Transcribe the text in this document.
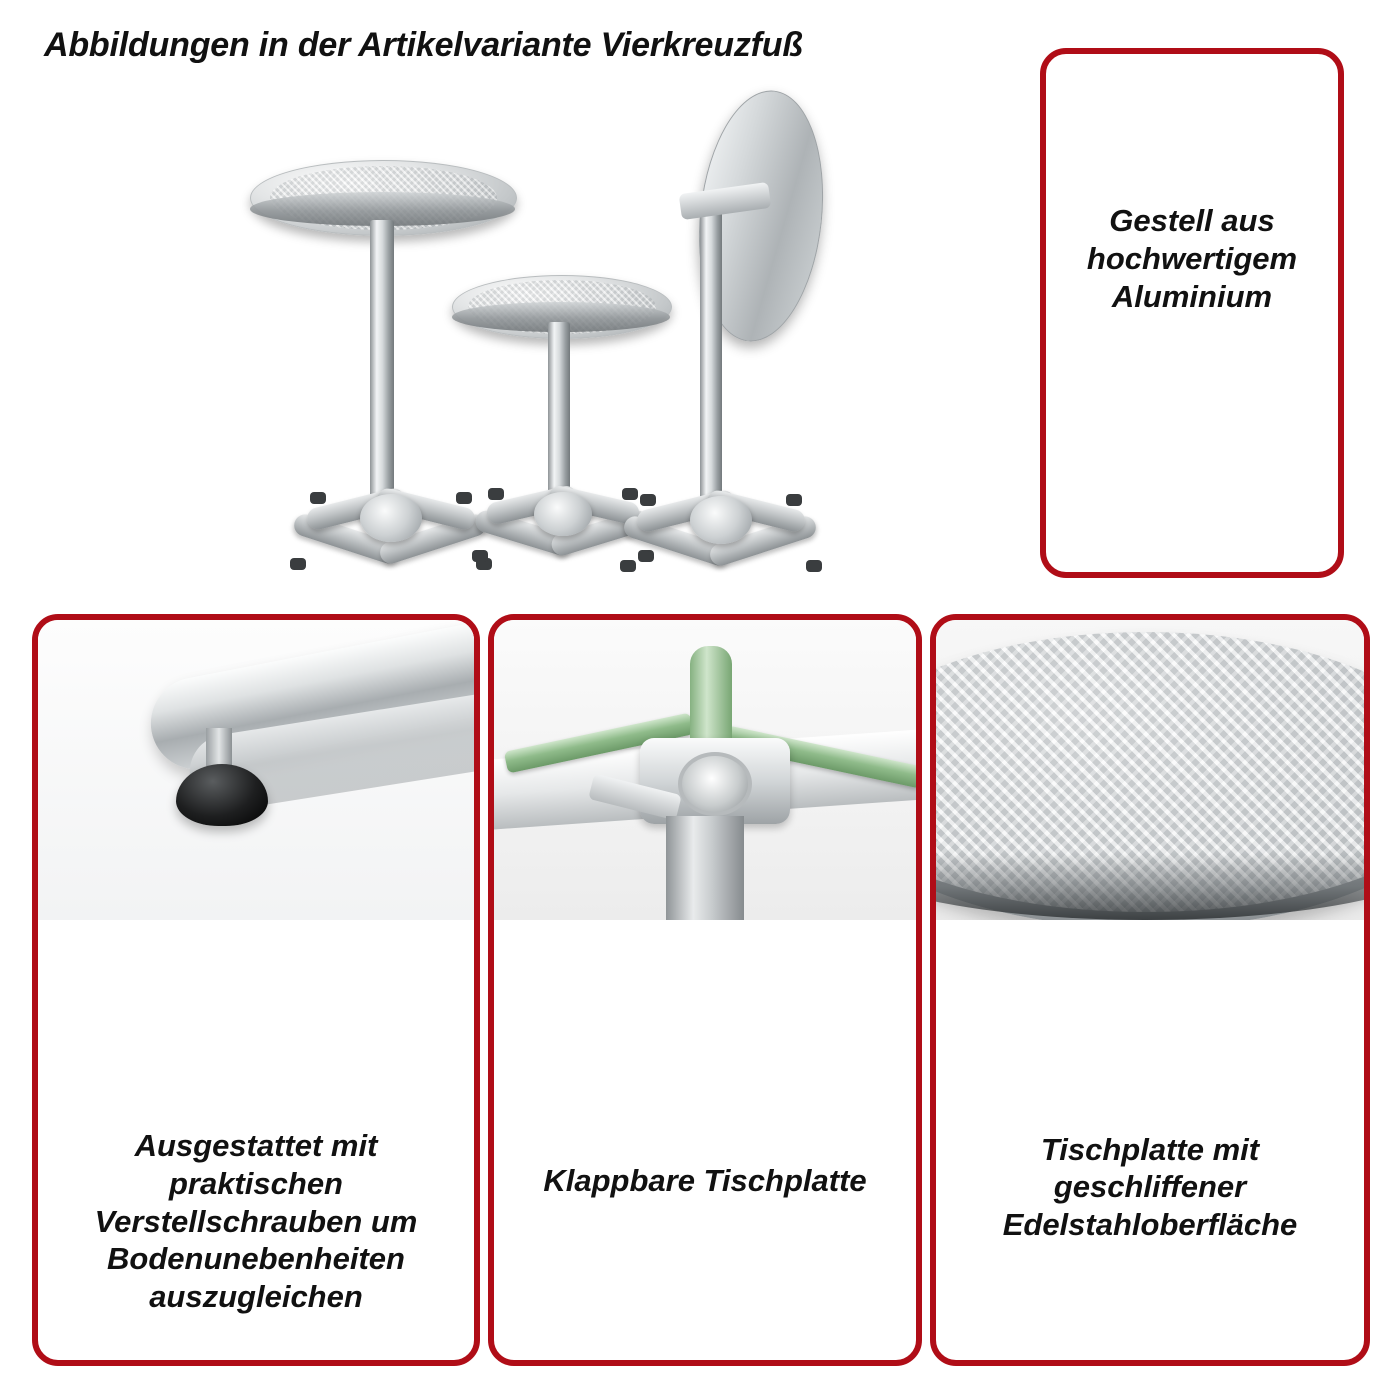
Abbildungen in der Artikelvariante Vierkreuzfuß
Gestell aus hochwertigem Aluminium
Ausgestattet mit praktischen Verstellschrauben um Bodenunebenheiten auszugleichen
Klappbare Tischplatte
Tischplatte mit geschliffener Edelstahloberfläche
